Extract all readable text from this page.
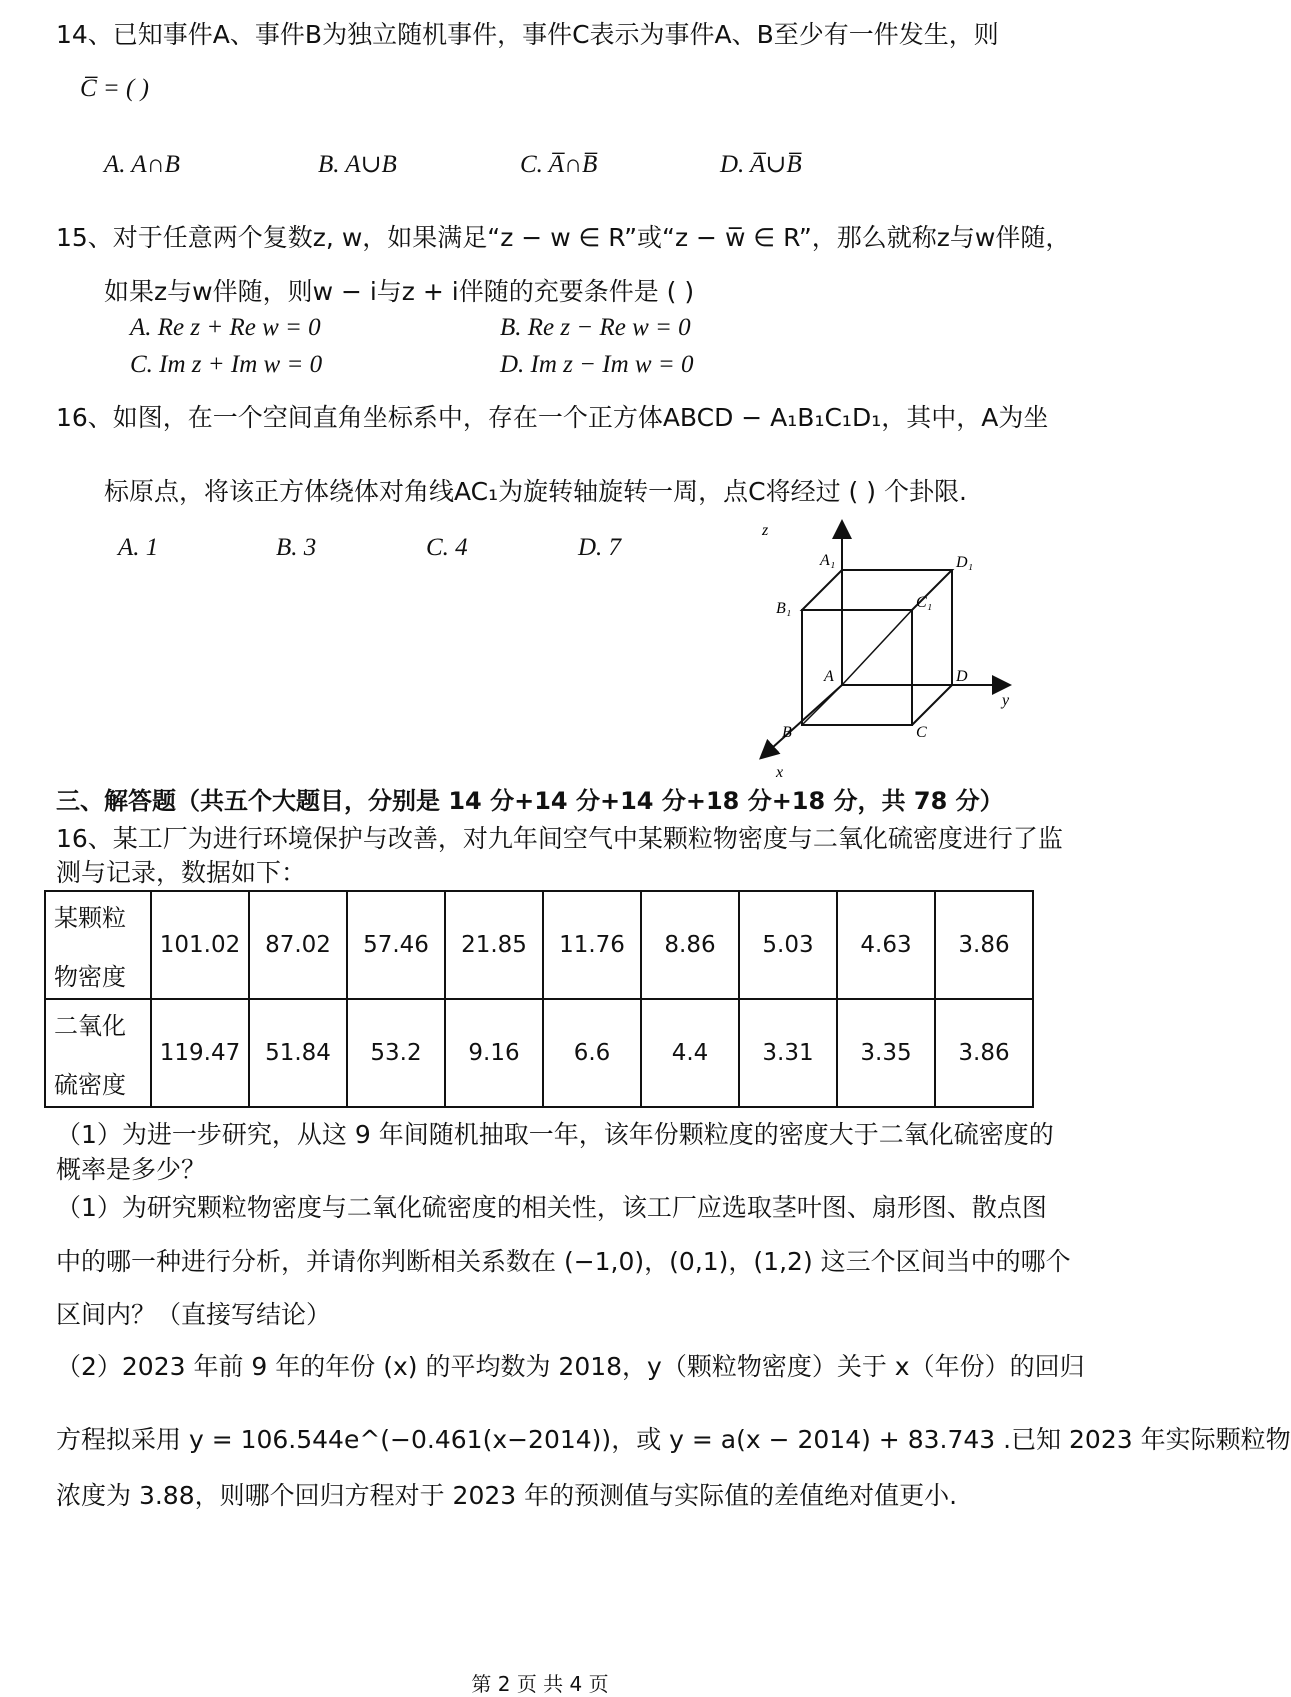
14、已知事件A、事件B为独立随机事件，事件C表示为事件A、B至少有一件发生，则
C̅ = ( )
A. A∩B	B. A∪B	C. A̅∩B̅	D. A̅∪B̅
15、对于任意两个复数z, w，如果满足“z − w ∈ R”或“z − w̅ ∈ R”，那么就称z与w伴随，
如果z与w伴随，则w − i与z + i伴随的充要条件是 ( )
A. Re z + Re w = 0	B. Re z − Re w = 0
C. Im z + Im w = 0	D. Im z − Im w = 0
16、如图，在一个空间直角坐标系中，存在一个正方体ABCD − A₁B₁C₁D₁，其中，A为坐
标原点，将该正方体绕体对角线AC₁为旋转轴旋转一周，点C将经过 ( ) 个卦限.
A. 1	B. 3	C. 4	D. 7
z
y
x
A₁	D₁
B₁	C₁
A	D
B	C
三、解答题（共五个大题目，分别是 14 分+14 分+14 分+18 分+18 分，共 78 分）
16、某工厂为进行环境保护与改善，对九年间空气中某颗粒物密度与二氧化硫密度进行了监
测与记录，数据如下：
某颗粒
物密度	101.02	87.02	57.46	21.85	11.76	8.86	5.03	4.63	3.86

二氧化
硫密度	119.47	51.84	53.2	9.16	6.6	4.4	3.31	3.35	3.86
（1）为进一步研究，从这 9 年间随机抽取一年，该年份颗粒度的密度大于二氧化硫密度的
概率是多少？
（1）为研究颗粒物密度与二氧化硫密度的相关性，该工厂应选取茎叶图、扇形图、散点图
中的哪一种进行分析，并请你判断相关系数在 (−1,0)，(0,1)，(1,2) 这三个区间当中的哪个
区间内？（直接写结论）
（2）2023 年前 9 年的年份 (x) 的平均数为 2018，y（颗粒物密度）关于 x（年份）的回归
方程拟采用 y = 106.544e^(−0.461(x−2014))，或 y = a(x − 2014) + 83.743 .已知 2023 年实际颗粒物
浓度为 3.88，则哪个回归方程对于 2023 年的预测值与实际值的差值绝对值更小.
第 2 页 共 4 页
